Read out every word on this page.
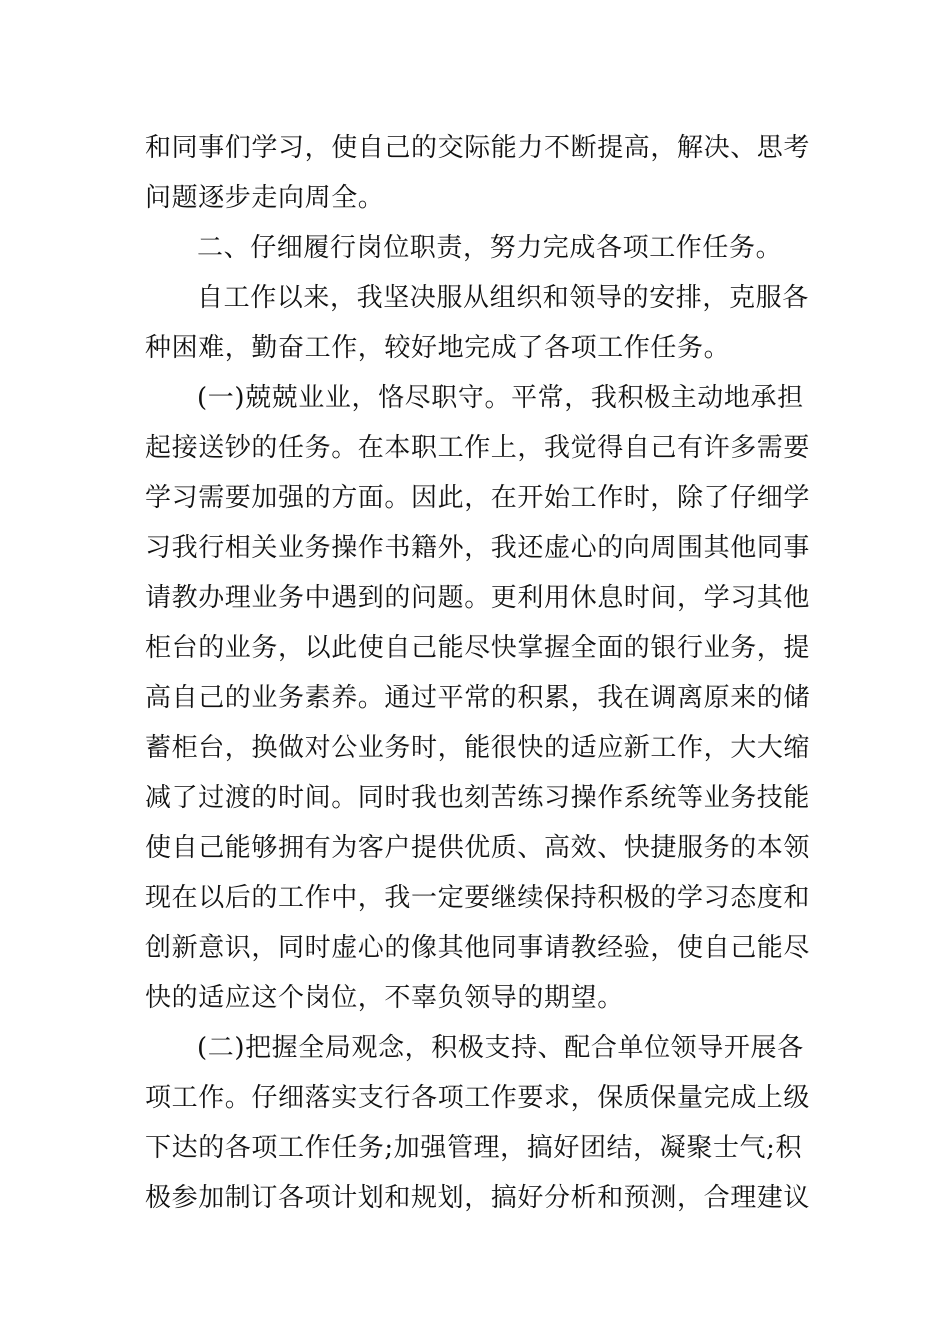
和同事们学习，使自己的交际能力不断提高，解决、思考
问题逐步走向周全。
二、仔细履行岗位职责，努力完成各项工作任务。
自工作以来，我坚决服从组织和领导的安排，克服各
种困难，勤奋工作，较好地完成了各项工作任务。
(一)兢兢业业，恪尽职守。平常，我积极主动地承担
起接送钞的任务。在本职工作上，我觉得自己有许多需要
学习需要加强的方面。因此，在开始工作时，除了仔细学
习我行相关业务操作书籍外，我还虚心的向周围其他同事
请教办理业务中遇到的问题。更利用休息时间，学习其他
柜台的业务，以此使自己能尽快掌握全面的银行业务，提
高自己的业务素养。通过平常的积累，我在调离原来的储
蓄柜台，换做对公业务时，能很快的适应新工作，大大缩
减了过渡的时间。同时我也刻苦练习操作系统等业务技能
使自己能够拥有为客户提供优质、高效、快捷服务的本领
现在以后的工作中，我一定要继续保持积极的学习态度和
创新意识，同时虚心的像其他同事请教经验，使自己能尽
快的适应这个岗位，不辜负领导的期望。
(二)把握全局观念，积极支持、配合单位领导开展各
项工作。仔细落实支行各项工作要求，保质保量完成上级
下达的各项工作任务;加强管理，搞好团结，凝聚士气;积
极参加制订各项计划和规划，搞好分析和预测，合理建议
